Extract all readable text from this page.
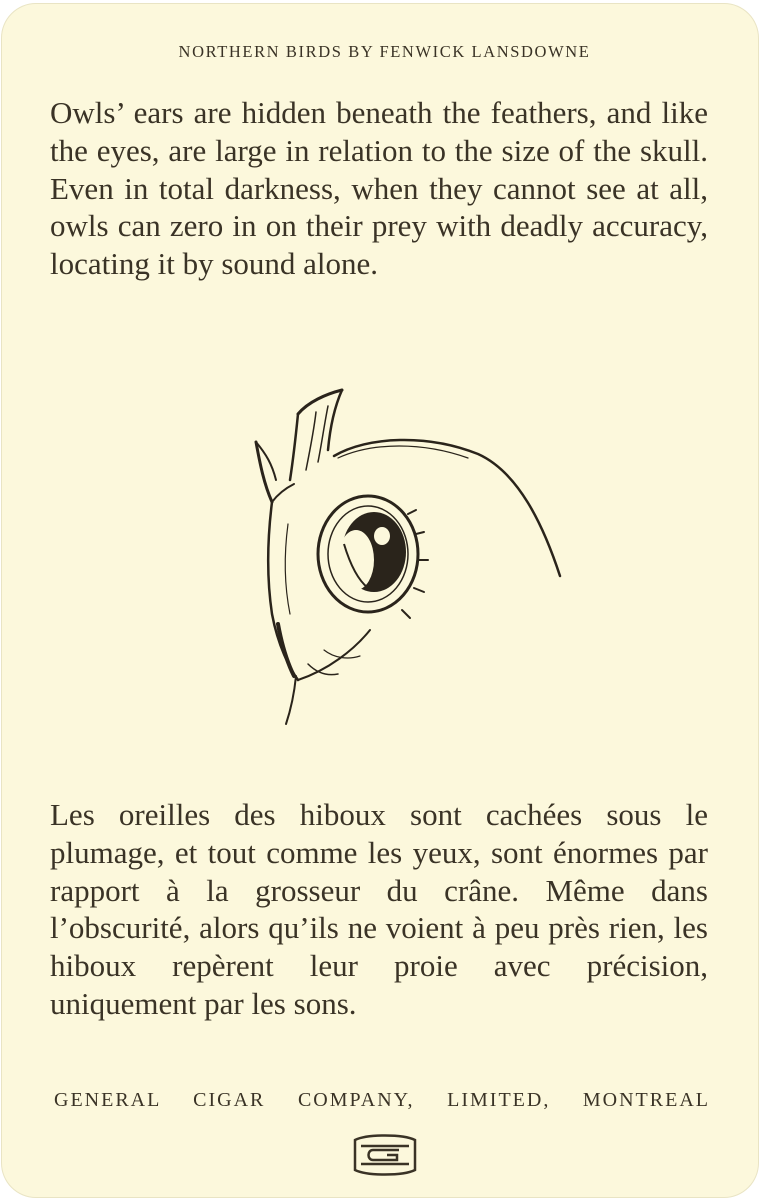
NORTHERN BIRDS BY FENWICK LANSDOWNE

Owls’ ears are hidden beneath the feathers, and like the eyes, are large in relation to the size of the skull. Even in total darkness, when they cannot see at all, owls can zero in on their prey with deadly accuracy, locating it by sound alone.

Les oreilles des hiboux sont cachées sous le plumage, et tout comme les yeux, sont énormes par rapport à la grosseur du crâne. Même dans l’obscurité, alors qu’ils ne voient à peu près rien, les hiboux repèrent leur proie avec précision, uniquement par les sons.

GENERAL CIGAR COMPANY, LIMITED, MONTREAL
